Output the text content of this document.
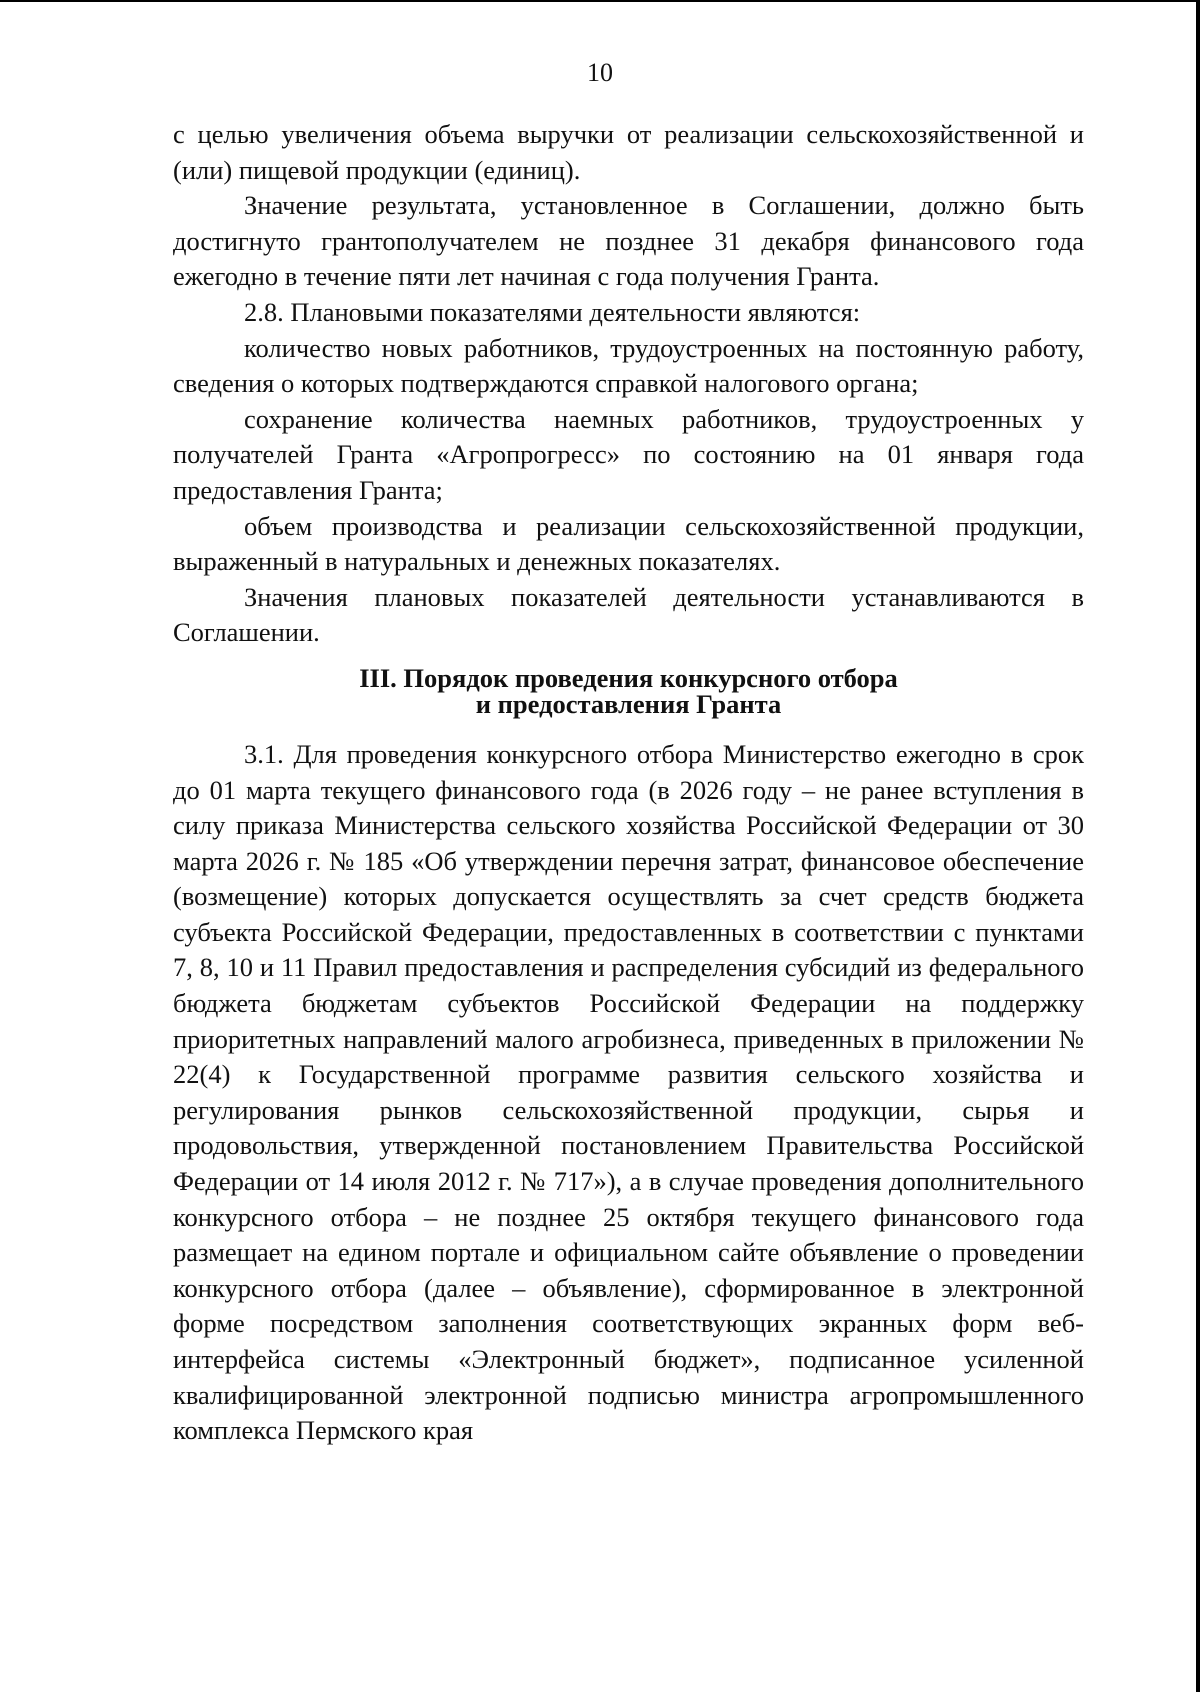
10

с целью увеличения объема выручки от реализации сельскохозяйственной и (или) пищевой продукции (единиц).

Значение результата, установленное в Соглашении, должно быть достигнуто грантополучателем не позднее 31 декабря финансового года ежегодно в течение пяти лет начиная с года получения Гранта.

2.8. Плановыми показателями деятельности являются:

количество новых работников, трудоустроенных на постоянную работу, сведения о которых подтверждаются справкой налогового органа;

сохранение количества наемных работников, трудоустроенных у получателей Гранта «Агропрогресс» по состоянию на 01 января года предоставления Гранта;

объем производства и реализации сельскохозяйственной продукции, выраженный в натуральных и денежных показателях.

Значения плановых показателей деятельности устанавливаются в Соглашении.

III. Порядок проведения конкурсного отбора
и предоставления Гранта

3.1. Для проведения конкурсного отбора Министерство ежегодно в срок до 01 марта текущего финансового года (в 2026 году – не ранее вступления в силу приказа Министерства сельского хозяйства Российской Федерации от 30 марта 2026 г. № 185 «Об утверждении перечня затрат, финансовое обеспечение (возмещение) которых допускается осуществлять за счет средств бюджета субъекта Российской Федерации, предоставленных в соответствии с пунктами 7, 8, 10 и 11 Правил предоставления и распределения субсидий из федерального бюджета бюджетам субъектов Российской Федерации на поддержку приоритетных направлений малого агробизнеса, приведенных в приложении № 22(4) к Государственной программе развития сельского хозяйства и регулирования рынков сельскохозяйственной продукции, сырья и продовольствия, утвержденной постановлением Правительства Российской Федерации от 14 июля 2012 г. № 717»), а в случае проведения дополнительного конкурсного отбора – не позднее 25 октября текущего финансового года размещает на едином портале и официальном сайте объявление о проведении конкурсного отбора (далее – объявление), сформированное в электронной форме посредством заполнения соответствующих экранных форм веб-интерфейса системы «Электронный бюджет», подписанное усиленной квалифицированной электронной подписью министра агропромышленного комплекса Пермского края
